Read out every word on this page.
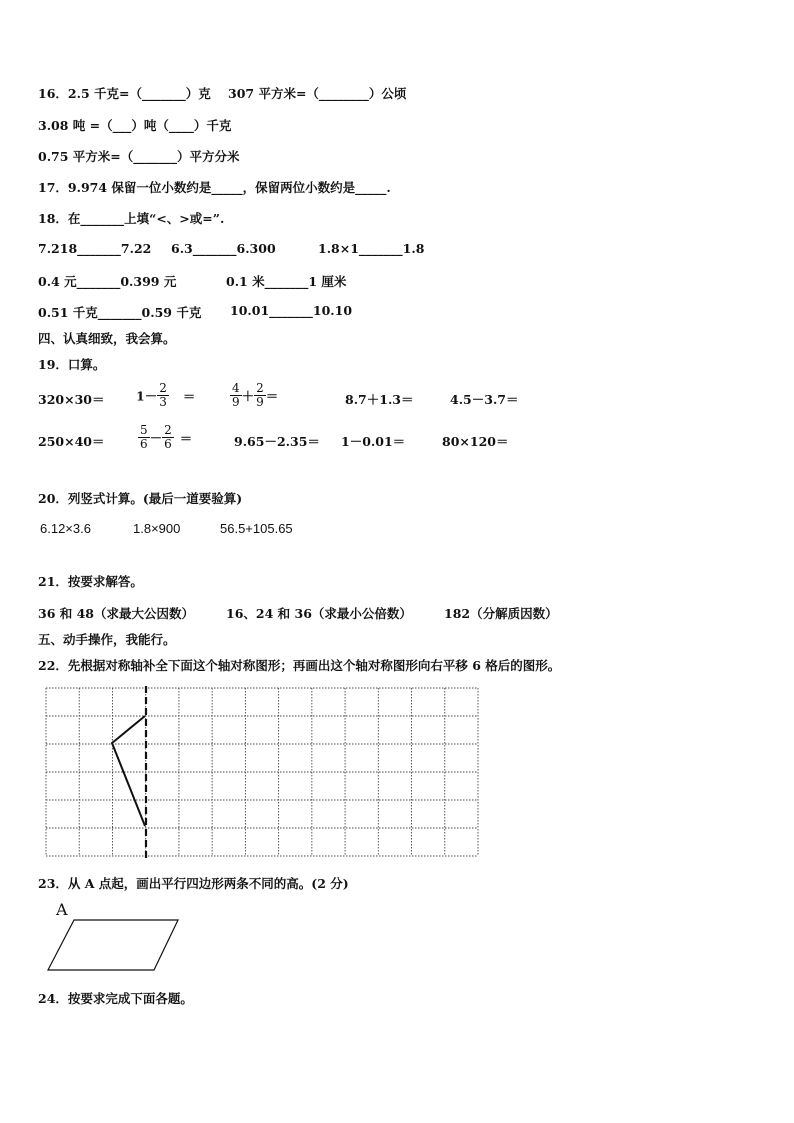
16．2.5 千克=（_______）克 307 平方米=（________）公顷
3.08 吨 =（___）吨（____）千克
0.75 平方米=（_______）平方分米
17．9.974 保留一位小数约是_____，保留两位小数约是_____.
18．在_______上填“<、>或=”.
7.218_______7.22 6.3_______6.300	1.8×1_______1.8
0.4 元_______0.399 元	0.1 米_______1 厘米
0.51 千克_______0.59 千克 10.01_______10.10
四、认真细致，我会算。
19．口算。
320×30＝	$1- \frac{2}{3}$ ＝	$\frac{4}{9} + \frac{2}{9}$ ＝	8.7＋1.3＝	4.5－3.7＝
250×40＝	$\frac{5}{6} - \frac{2}{6}$ ＝	9.65－2.35＝ 1－0.01＝	80×120＝
20．列竖式计算。(最后一道要验算)
6.12×3.6	1.8×900	56.5+105.65
21．按要求解答。
36 和 48（求最大公因数）	16、24 和 36（求最小公倍数）	182（分解质因数）
五、动手操作，我能行。
22．先根据对称轴补全下面这个轴对称图形；再画出这个轴对称图形向右平移 6 格后的图形。
23．从 A 点起，画出平行四边形两条不同的高。(2 分)
A
24．按要求完成下面各题。
